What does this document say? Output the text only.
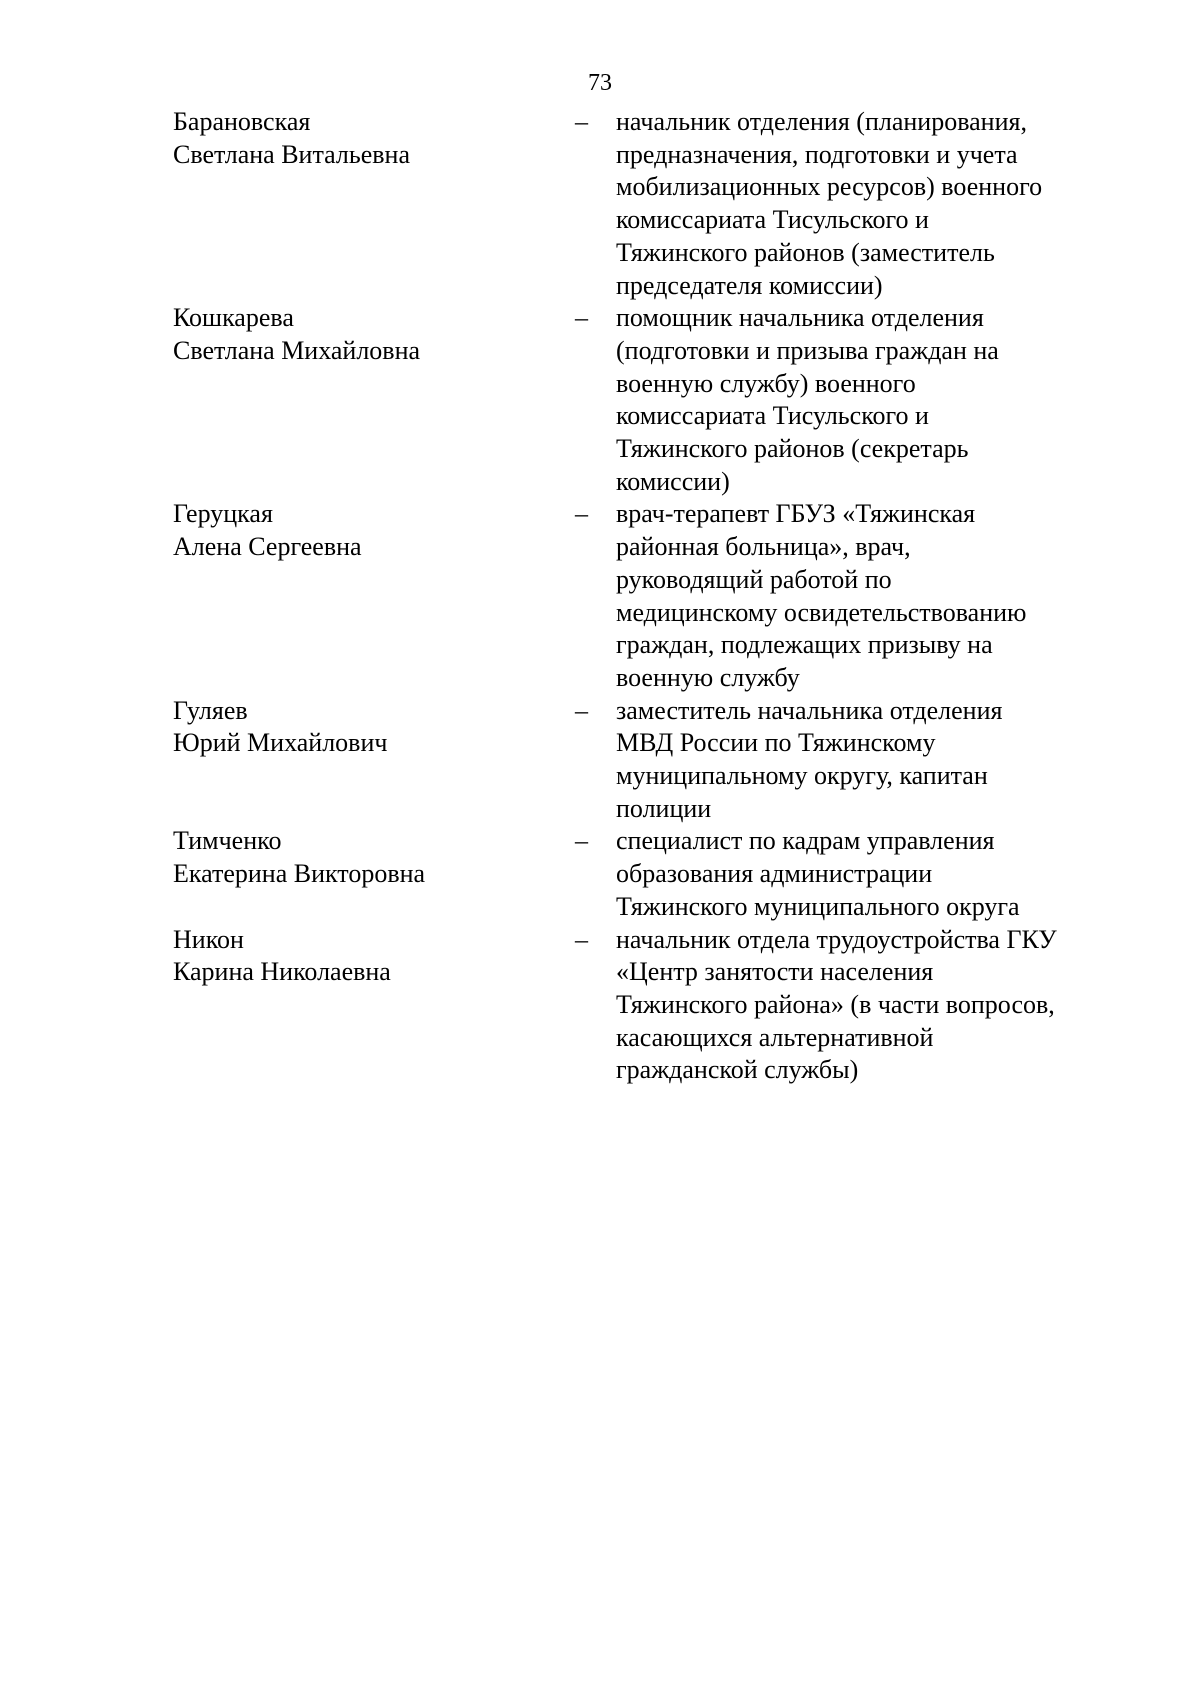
73
Барановская
Светлана Витальевна
– начальник отделения (планирования,
предназначения, подготовки и учета
мобилизационных ресурсов) военного
комиссариата Тисульского и
Тяжинского районов (заместитель
председателя комиссии)
Кошкарева
Светлана Михайловна
– помощник начальника отделения
(подготовки и призыва граждан на
военную службу) военного
комиссариата Тисульского и
Тяжинского районов (секретарь
комиссии)
Геруцкая
Алена Сергеевна
– врач-терапевт ГБУЗ «Тяжинская
районная больница», врач,
руководящий работой по
медицинскому освидетельствованию
граждан, подлежащих призыву на
военную службу
Гуляев
Юрий Михайлович
– заместитель начальника отделения
МВД России по Тяжинскому
муниципальному округу, капитан
полиции
Тимченко
Екатерина Викторовна
– специалист по кадрам управления
образования администрации
Тяжинского муниципального округа
Никон
Карина Николаевна
– начальник отдела трудоустройства ГКУ
«Центр занятости населения
Тяжинского района» (в части вопросов,
касающихся альтернативной
гражданской службы)
